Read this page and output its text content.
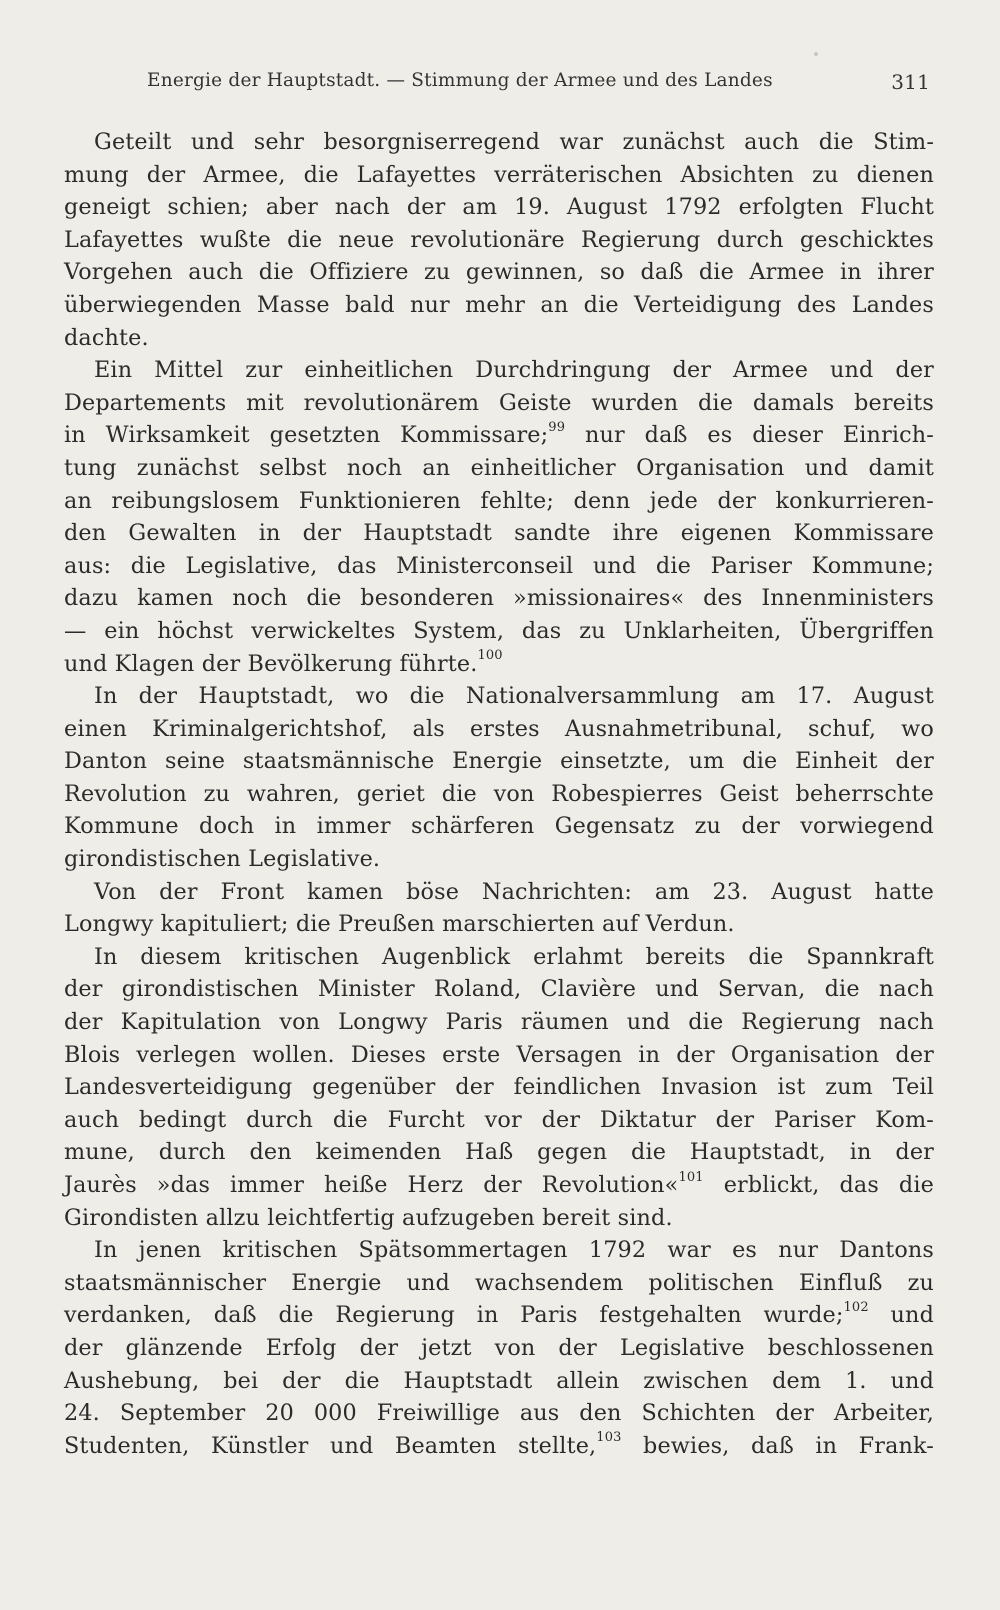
Energie der Hauptstadt. — Stimmung der Armee und des Landes	311
Geteilt und sehr besorgniserregend war zunächst auch die Stim-
mung der Armee, die Lafayettes verräterischen Absichten zu dienen
geneigt schien; aber nach der am 19. August 1792 erfolgten Flucht
Lafayettes wußte die neue revolutionäre Regierung durch geschicktes
Vorgehen auch die Offiziere zu gewinnen, so daß die Armee in ihrer
überwiegenden Masse bald nur mehr an die Verteidigung des Landes
dachte.
Ein Mittel zur einheitlichen Durchdringung der Armee und der
Departements mit revolutionärem Geiste wurden die damals bereits
in Wirksamkeit gesetzten Kommissare;$^{99}$ nur daß es dieser Einrich-
tung zunächst selbst noch an einheitlicher Organisation und damit
an reibungslosem Funktionieren fehlte; denn jede der konkurrieren-
den Gewalten in der Hauptstadt sandte ihre eigenen Kommissare
aus: die Legislative, das Ministerconseil und die Pariser Kommune;
dazu kamen noch die besonderen »missionaires« des Innenministers
— ein höchst verwickeltes System, das zu Unklarheiten, Übergriffen
und Klagen der Bevölkerung führte.$^{100}$
In der Hauptstadt, wo die Nationalversammlung am 17. August
einen Kriminalgerichtshof, als erstes Ausnahmetribunal, schuf, wo
Danton seine staatsmännische Energie einsetzte, um die Einheit der
Revolution zu wahren, geriet die von Robespierres Geist beherrschte
Kommune doch in immer schärferen Gegensatz zu der vorwiegend
girondistischen Legislative.
Von der Front kamen böse Nachrichten: am 23. August hatte
Longwy kapituliert; die Preußen marschierten auf Verdun.
In diesem kritischen Augenblick erlahmt bereits die Spannkraft
der girondistischen Minister Roland, Clavière und Servan, die nach
der Kapitulation von Longwy Paris räumen und die Regierung nach
Blois verlegen wollen. Dieses erste Versagen in der Organisation der
Landesverteidigung gegenüber der feindlichen Invasion ist zum Teil
auch bedingt durch die Furcht vor der Diktatur der Pariser Kom-
mune, durch den keimenden Haß gegen die Hauptstadt, in der
Jaurès »das immer heiße Herz der Revolution«$^{101}$ erblickt, das die
Girondisten allzu leichtfertig aufzugeben bereit sind.
In jenen kritischen Spätsommertagen 1792 war es nur Dantons
staatsmännischer Energie und wachsendem politischen Einfluß zu
verdanken, daß die Regierung in Paris festgehalten wurde;$^{102}$ und
der glänzende Erfolg der jetzt von der Legislative beschlossenen
Aushebung, bei der die Hauptstadt allein zwischen dem 1. und
24. September 20 000 Freiwillige aus den Schichten der Arbeiter,
Studenten, Künstler und Beamten stellte,$^{103}$ bewies, daß in Frank-
